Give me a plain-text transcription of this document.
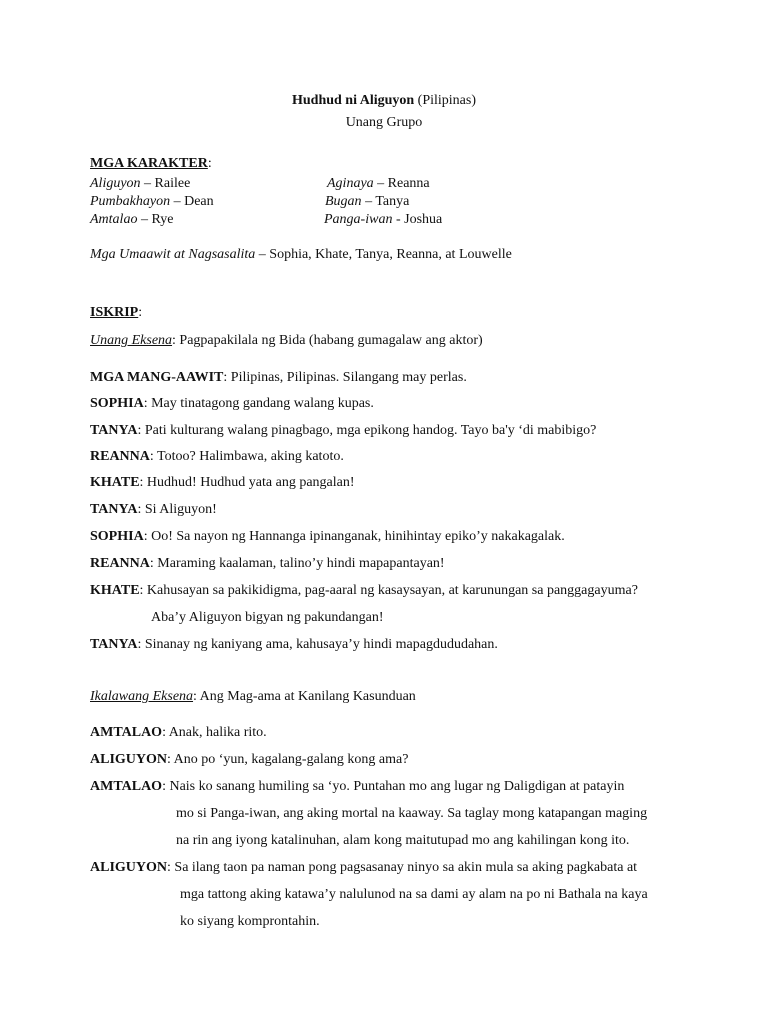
Hudhud ni Aliguyon (Pilipinas)
Unang Grupo
MGA KARAKTER:
Aliguyon – Railee
Pumbakhayon – Dean
Amtalao – Rye
Aginaya – Reanna
Bugan – Tanya
Panga-iwan - Joshua
Mga Umaawit at Nagsasalita – Sophia, Khate, Tanya, Reanna, at Louwelle
ISKRIP:
Unang Eksena: Pagpapakilala ng Bida (habang gumagalaw ang aktor)
MGA MANG-AAWIT: Pilipinas, Pilipinas. Silangang may perlas.
SOPHIA: May tinatagong gandang walang kupas.
TANYA: Pati kulturang walang pinagbago, mga epikong handog. Tayo ba'y ‘di mabibigo?
REANNA: Totoo? Halimbawa, aking katoto.
KHATE: Hudhud! Hudhud yata ang pangalan!
TANYA: Si Aliguyon!
SOPHIA: Oo! Sa nayon ng Hannanga ipinanganak, hinihintay epiko’y nakakagalak.
REANNA: Maraming kaalaman, talino’y hindi mapapantayan!
KHATE: Kahusayan sa pakikidigma, pag-aaral ng kasaysayan, at karunungan sa panggagayuma?
Aba’y Aliguyon bigyan ng pakundangan!
TANYA: Sinanay ng kaniyang ama, kahusaya’y hindi mapagdududahan.
Ikalawang Eksena: Ang Mag-ama at Kanilang Kasunduan
AMTALAO: Anak, halika rito.
ALIGUYON: Ano po ‘yun, kagalang-galang kong ama?
AMTALAO: Nais ko sanang humiling sa ‘yo. Puntahan mo ang lugar ng Daligdigan at patayin
mo si Panga-iwan, ang aking mortal na kaaway. Sa taglay mong katapangan maging
na rin ang iyong katalinuhan, alam kong maitutupad mo ang kahilingan kong ito.
ALIGUYON: Sa ilang taon pa naman pong pagsasanay ninyo sa akin mula sa aking pagkabata at
mga tattong aking katawa’y nalulunod na sa dami ay alam na po ni Bathala na kaya
ko siyang komprontahin.
